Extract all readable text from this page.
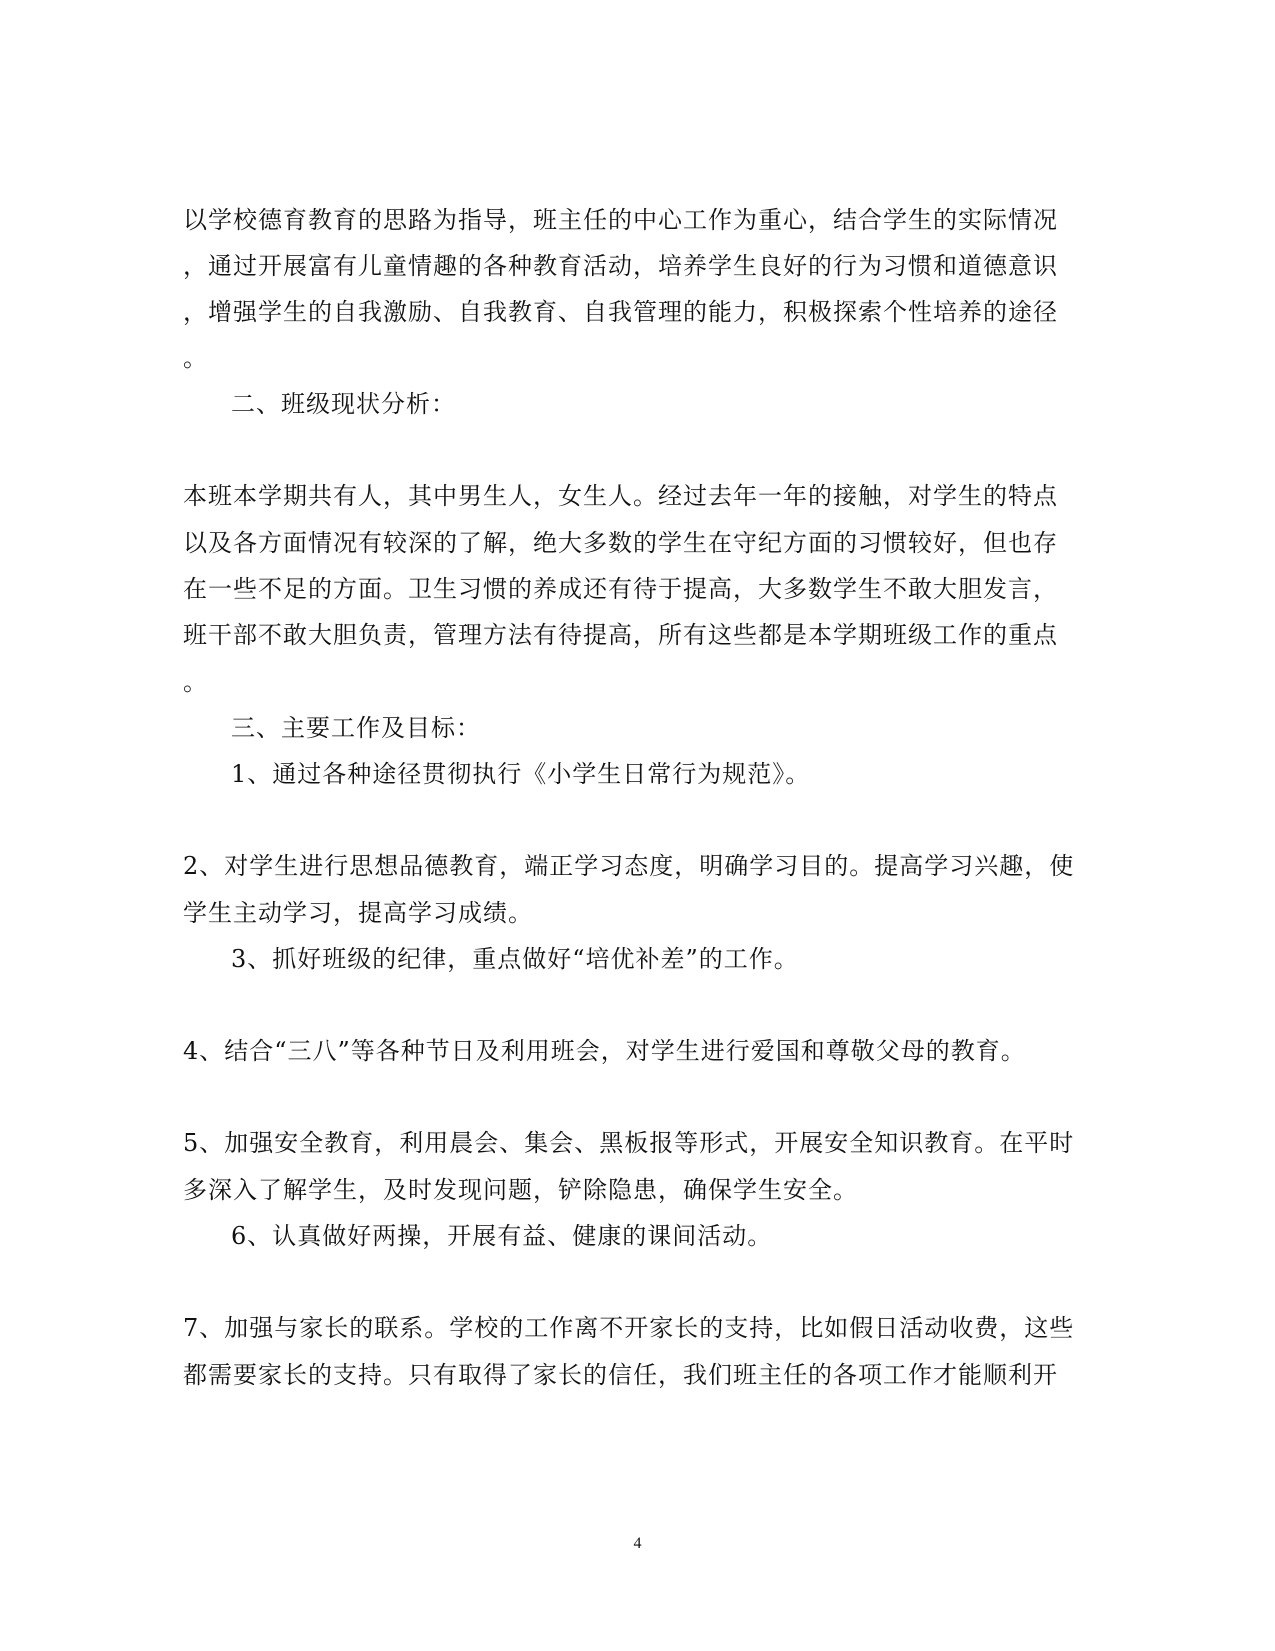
以学校德育教育的思路为指导，班主任的中心工作为重心，结合学生的实际情况
，通过开展富有儿童情趣的各种教育活动，培养学生良好的行为习惯和道德意识
，增强学生的自我激励、自我教育、自我管理的能力，积极探索个性培养的途径
。
二、班级现状分析：
本班本学期共有人，其中男生人，女生人。经过去年一年的接触，对学生的特点
以及各方面情况有较深的了解，绝大多数的学生在守纪方面的习惯较好，但也存
在一些不足的方面。卫生习惯的养成还有待于提高，大多数学生不敢大胆发言，
班干部不敢大胆负责，管理方法有待提高，所有这些都是本学期班级工作的重点
。
三、主要工作及目标：
1、通过各种途径贯彻执行《小学生日常行为规范》。
2、对学生进行思想品德教育，端正学习态度，明确学习目的。提高学习兴趣，使
学生主动学习，提高学习成绩。
3、抓好班级的纪律，重点做好“培优补差”的工作。
4、结合“三八”等各种节日及利用班会，对学生进行爱国和尊敬父母的教育。
5、加强安全教育，利用晨会、集会、黑板报等形式，开展安全知识教育。在平时
多深入了解学生，及时发现问题，铲除隐患，确保学生安全。
6、认真做好两操，开展有益、健康的课间活动。
7、加强与家长的联系。学校的工作离不开家长的支持，比如假日活动收费，这些
都需要家长的支持。只有取得了家长的信任，我们班主任的各项工作才能顺利开
4
